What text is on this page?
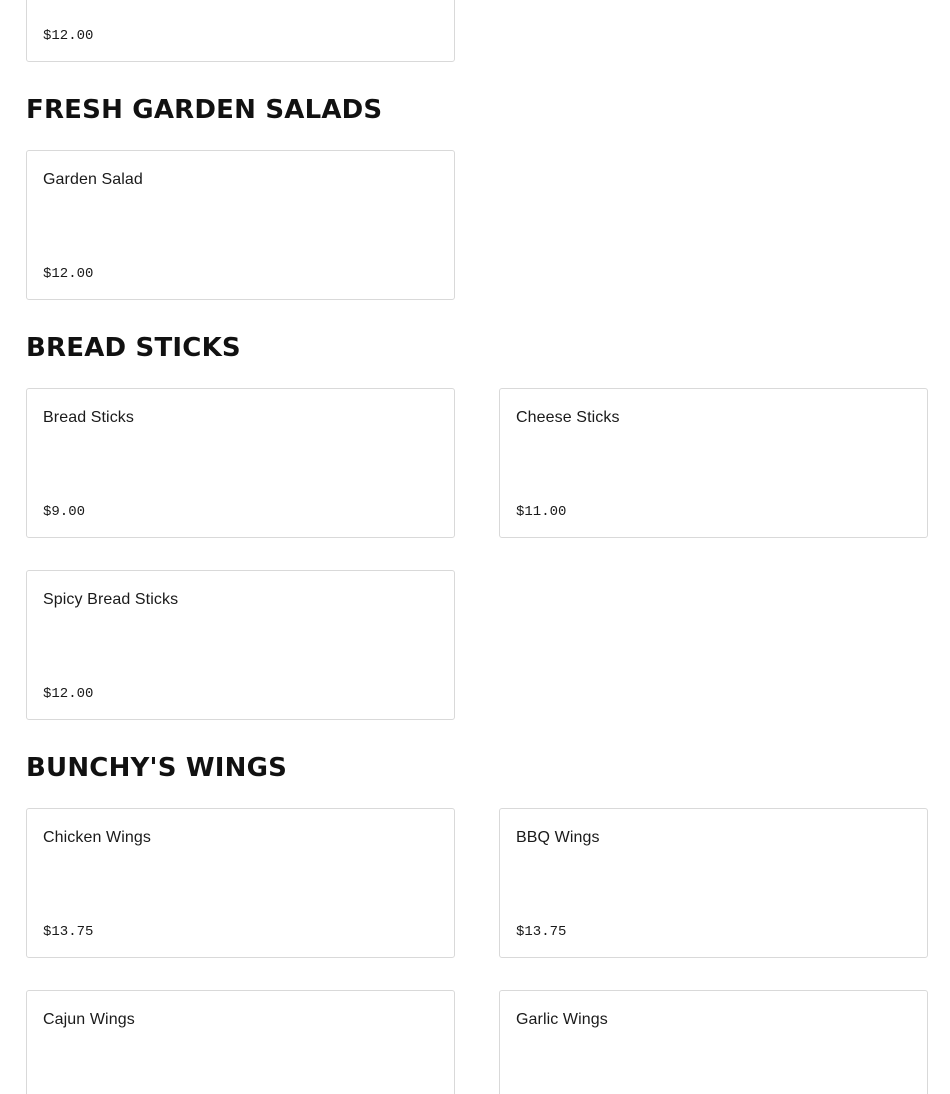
$12.00
FRESH GARDEN SALADS
Garden Salad
$12.00
BREAD STICKS
Bread Sticks
$9.00
Cheese Sticks
$11.00
Spicy Bread Sticks
$12.00
BUNCHY'S WINGS
Chicken Wings
$13.75
BBQ Wings
$13.75
Cajun Wings	Garlic Wings
